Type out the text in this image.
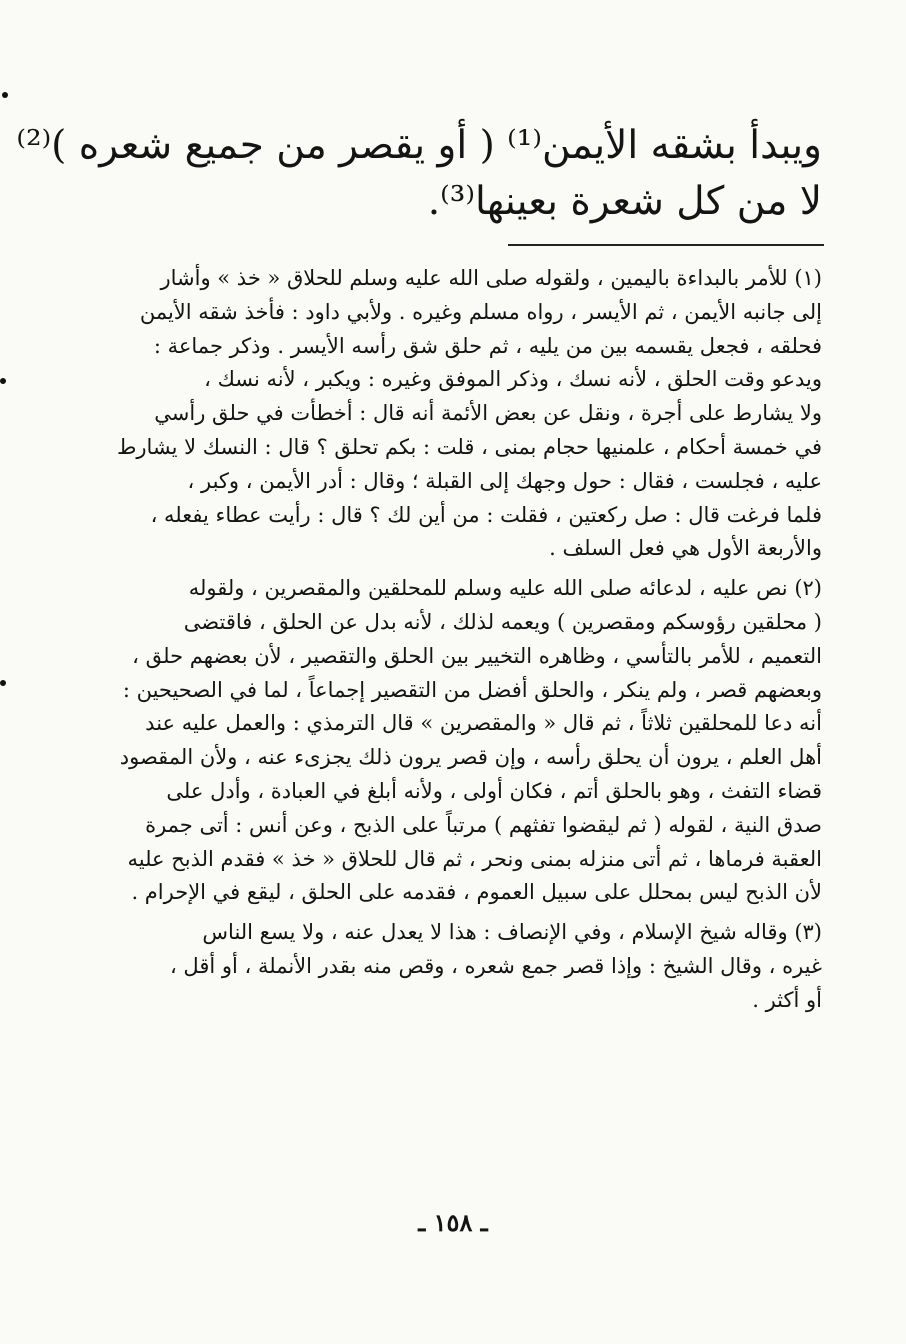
ويبدأ بشقه الأيمن⁽¹⁾ ( أو يقصر من جميع شعره )⁽²⁾
لا من كل شعرة بعينها⁽³⁾.
(١) للأمر بالبداءة باليمين ، ولقوله صلى الله عليه وسلم للحلاق « خذ » وأشار
إلى جانبه الأيمن ، ثم الأيسر ، رواه مسلم وغيره . ولأبي داود : فأخذ شقه الأيمن
فحلقه ، فجعل يقسمه بين من يليه ، ثم حلق شق رأسه الأيسر . وذكر جماعة :
ويدعو وقت الحلق ، لأنه نسك ، وذكر الموفق وغيره : ويكبر ، لأنه نسك ،
ولا يشارط على أجرة ، ونقل عن بعض الأئمة أنه قال : أخطأت في حلق رأسي
في خمسة أحكام ، علمنيها حجام بمنى ، قلت : بكم تحلق ؟ قال : النسك لا يشارط
عليه ، فجلست ، فقال : حول وجهك إلى القبلة ؛ وقال : أدر الأيمن ، وكبر ،
فلما فرغت قال : صل ركعتين ، فقلت : من أين لك ؟ قال : رأيت عطاء يفعله ،
والأربعة الأول هي فعل السلف .
(٢) نص عليه ، لدعائه صلى الله عليه وسلم للمحلقين والمقصرين ، ولقوله
( محلقين رؤوسكم ومقصرين ) ويعمه لذلك ، لأنه بدل عن الحلق ، فاقتضى
التعميم ، للأمر بالتأسي ، وظاهره التخيير بين الحلق والتقصير ، لأن بعضهم حلق ،
وبعضهم قصر ، ولم ينكر ، والحلق أفضل من التقصير إجماعاً ، لما في الصحيحين :
أنه دعا للمحلقين ثلاثاً ، ثم قال « والمقصرين » قال الترمذي : والعمل عليه عند
أهل العلم ، يرون أن يحلق رأسه ، وإن قصر يرون ذلك يجزىء عنه ، ولأن المقصود
قضاء التفث ، وهو بالحلق أتم ، فكان أولى ، ولأنه أبلغ في العبادة ، وأدل على
صدق النية ، لقوله ( ثم ليقضوا تفثهم ) مرتباً على الذبح ، وعن أنس : أتى جمرة
العقبة فرماها ، ثم أتى منزله بمنى ونحر ، ثم قال للحلاق « خذ » فقدم الذبح عليه
لأن الذبح ليس بمحلل على سبيل العموم ، فقدمه على الحلق ، ليقع في الإحرام .
(٣) وقاله شيخ الإسلام ، وفي الإنصاف : هذا لا يعدل عنه ، ولا يسع الناس
غيره ، وقال الشيخ : وإذا قصر جمع شعره ، وقص منه بقدر الأنملة ، أو أقل ،
أو أكثر .
ـ ١٥٨ ـ
